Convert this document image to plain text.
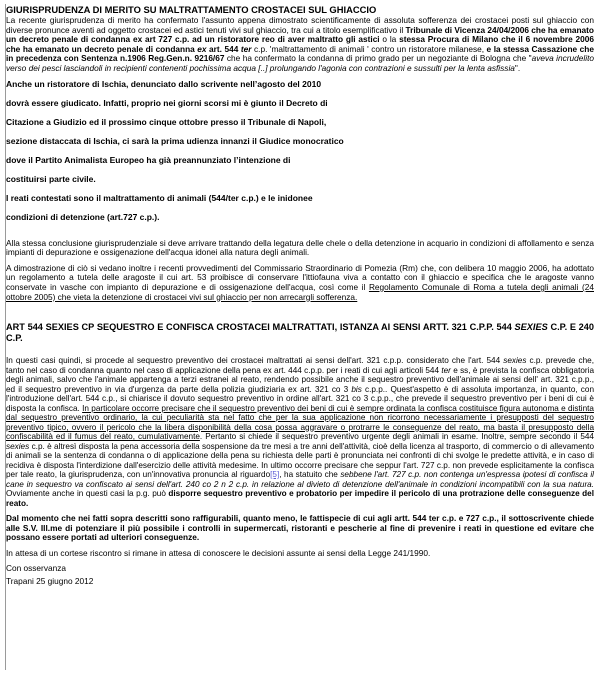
GIURISPRUDENZA DI MERITO SU MALTRATTAMENTO CROSTACEI SUL GHIACCIO

La recente giurisprudenza di merito ha confermato l'assunto appena dimostrato scientificamente di assoluta sofferenza dei crostacei posti sul ghiaccio con diverse pronunce aventi ad oggetto crostacei ed astici tenuti vivi sul ghiaccio, tra cui a titolo esemplificativo il Tribunale di Vicenza 24/04/2006 che ha emanato un decreto penale di condanna ex art 727 c.p. ad un ristoratore reo di aver maltratto gli astici o la stessa Procura di Milano che il 6 novembre 2006 che ha emanato un decreto penale di condanna ex art. 544 ter c.p. 'maltrattamento di animali ' contro un ristoratore milanese, e la stessa Cassazione che in precedenza con Sentenza n.1906 Reg.Gen.n. 9216/67 che ha confermato la condanna di primo grado per un negoziante di Bologna che "aveva incrudelito verso dei pesci lasciandoli in recipienti contenenti pochissima acqua [..] prolungando l'agonia con contrazioni e sussulti per la lenta asfissia".

Anche un ristoratore di Ischia, denunciato dallo scrivente nell’agosto del 2010

dovrà essere giudicato. Infatti, proprio nei giorni scorsi mi è giunto il Decreto di

Citazione a Giudizio ed il prossimo cinque ottobre presso il Tribunale di Napoli,

sezione distaccata di Ischia, ci sarà la prima udienza innanzi il Giudice monocratico

dove il Partito Animalista Europeo ha già preannunziato l’intenzione di

costituirsi parte civile.

I reati contestati sono il maltrattamento di animali (544/ter c.p.) e le inidonee

condizioni di detenzione (art.727 c.p.).

Alla stessa conclusione giurisprudenziale si deve arrivare trattando della legatura delle chele o della detenzione in acquario in condizioni di affollamento e senza impianti di depurazione e ossigenazione dell'acqua idonei alla natura degli animali.

A dimostrazione di ciò si vedano inoltre i recenti provvedimenti del Commissario Straordinario di Pomezia (Rm) che, con delibera 10 maggio 2006, ha adottato un regolamento a tutela delle aragoste il cui art. 53 proibisce di conservare l'ittiofauna viva a contatto con il ghiaccio e specifica che le aragoste vanno conservate in vasche con impianto di depurazione e di ossigenazione dell'acqua, così come il Regolamento Comunale di Roma a tutela degli animali (24 ottobre 2005) che vieta la detenzione di crostacei vivi sul ghiaccio per non arrecargli sofferenza.

ART 544 SEXIES CP SEQUESTRO E CONFISCA CROSTACEI MALTRATTATI, ISTANZA AI SENSI ARTT. 321 C.P.P. 544 SEXIES C.P. E 240 C.P.

In questi casi quindi, si procede al sequestro preventivo dei crostacei maltrattati ai sensi dell'art. 321 c.p.p. considerato che l'art. 544 sexies c.p. prevede che, tanto nel caso di condanna quanto nel caso di applicazione della pena ex art. 444 c.p.p. per i reati di cui agli articoli 544 ter e ss, è prevista la confisca obbligatoria degli animali, salvo che l'animale appartenga a terzi estranei al reato, rendendo possibile anche il sequestro preventivo dell'animale ai sensi dell' art. 321 c.p.p., ed il sequestro preventivo in via d'urgenza da parte della polizia giudiziaria ex art. 321 co 3 bis c.p.p.. Quest'aspetto è di assoluta importanza, in quanto, con l'introduzione dell'art. 544 c.p., si chiarisce il dovuto sequestro preventivo in ordine all'art. 321 co 3 c.p.p., che prevede il sequestro preventivo per i beni di cui è disposta la confisca. In particolare occorre precisare che il sequestro preventivo dei beni di cui è sempre ordinata la confisca costituisce figura autonoma e distinta dal sequestro preventivo ordinario, la cui peculiarità sta nel fatto che per la sua applicazione non ricorrono necessariamente i presupposti del sequestro preventivo tipico, ovvero il pericolo che la libera disponibilità della cosa possa aggravare o protrarre le conseguenze del reato, ma basta il presupposto della confiscabilità ed il fumus del reato, cumulativamente. Pertanto si chiede il sequestro preventivo urgente degli animali in esame. Inoltre, sempre secondo il 544 sexies c.p. è altresì disposta la pena accessoria della sospensione da tre mesi a tre anni dell'attività, cioè della licenza al trasporto, di commercio o di allevamento di animali se la sentenza di condanna o di applicazione della pena su richiesta delle parti è pronunciata nei confronti di chi svolge le predette attività, e in caso di recidiva è disposta l'interdizione dall'esercizio delle attività medesime. In ultimo occorre precisare che seppur l'art. 727 c.p. non prevede esplicitamente la confisca per tale reato, la giurisprudenza, con un'innovativa pronuncia al riguardo[5], ha statuito che sebbene l'art. 727 c.p. non contenga un'espressa ipotesi di confisca il cane in sequestro va confiscato ai sensi dell'art. 240 co 2 n 2 c.p. in relazione al divieto di detenzione dell'animale in condizioni incompatibili con la sua natura. Ovviamente anche in questi casi la p.g. può disporre sequestro preventivo e probatorio per impedire il pericolo di una protrazione delle conseguenze del reato.

Dal momento che nei fatti sopra descritti sono raffigurabili, quanto meno, le fattispecie di cui agli artt. 544 ter c.p. e 727 c.p., il sottoscrivente chiede alle S.V. Ill.me di potenziare il più possibile i controlli in supermercati, ristoranti e pescherie al fine di prevenire i reati in questione ed evitare che possano essere portati ad ulteriori conseguenze.

In attesa di un cortese riscontro si rimane in attesa di conoscere le decisioni assunte ai sensi della Legge 241/1990.

Con osservanza

Trapani 25 giugno 2012
